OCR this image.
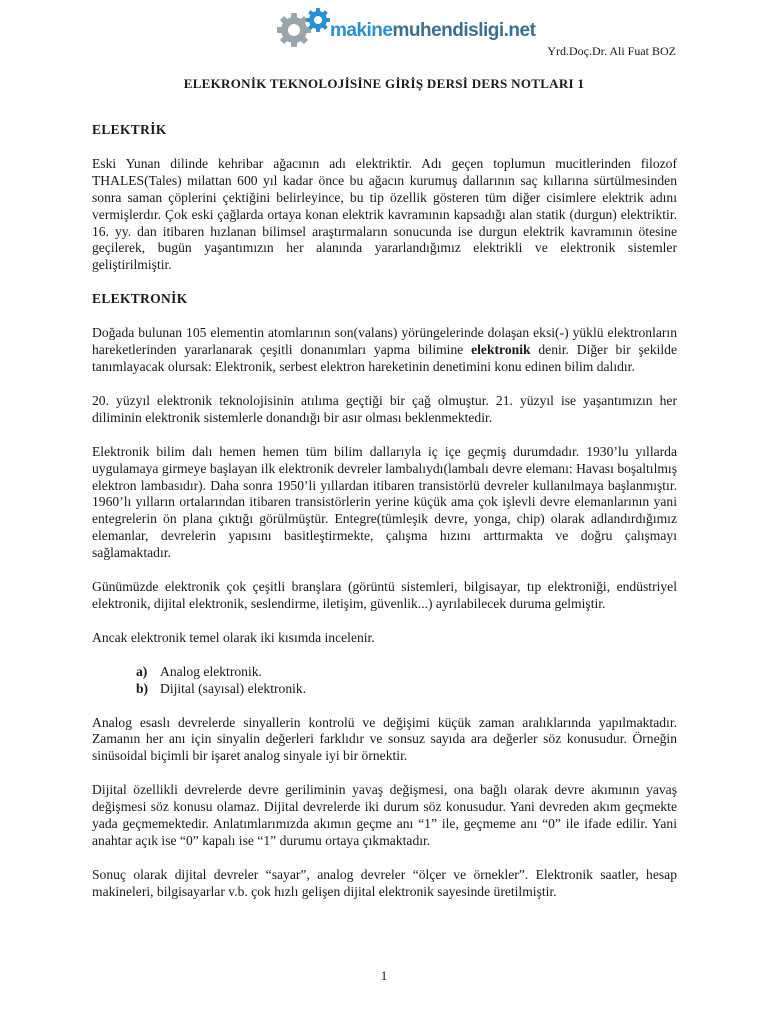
makinemuhendisligi.net
Yrd.Doç.Dr. Ali Fuat BOZ
ELEKRONİK TEKNOLOJİSİNE GİRİŞ DERSİ DERS NOTLARI 1

ELEKTRİK

Eski Yunan dilinde kehribar ağacının adı elektriktir. Adı geçen toplumun mucitlerinden filozof THALES(Tales) milattan 600 yıl kadar önce bu ağacın kurumuş dallarının saç kıllarına sürtülmesinden sonra saman çöplerini çektiğini belirleyince, bu tip özellik gösteren tüm diğer cisimlere elektrik adını vermişlerdır. Çok eski çağlarda ortaya konan elektrik kavramının kapsadığı alan statik (durgun) elektriktir. 16. yy. dan itibaren hızlanan bilimsel araştırmaların sonucunda ise durgun elektrik kavramının ötesine geçilerek, bugün yaşantımızın her alanında yararlandığımız elektrikli ve elektronik sistemler geliştirilmiştir.

ELEKTRONİK

Doğada bulunan 105 elementin atomlarının son(valans) yörüngelerinde dolaşan eksi(-) yüklü elektronların hareketlerinden yararlanarak çeşitli donanımları yapma bilimine elektronik denir. Diğer bir şekilde tanımlayacak olursak: Elektronik, serbest elektron hareketinin denetimini konu edinen bilim dalıdır.

20. yüzyıl elektronik teknolojisinin atılıma geçtiği bir çağ olmuştur. 21. yüzyıl ise yaşantımızın her diliminin elektronik sistemlerle donandığı bir asır olması beklenmektedir.

Elektronik bilim dalı hemen hemen tüm bilim dallarıyla iç içe geçmiş durumdadır. 1930’lu yıllarda uygulamaya girmeye başlayan ilk elektronik devreler lambalıydı(lambalı devre elemanı: Havası boşaltılmış elektron lambasıdır). Daha sonra 1950’li yıllardan itibaren transistörlü devreler kullanılmaya başlanmıştır. 1960’lı yılların ortalarından itibaren transistörlerin yerine küçük ama çok işlevli devre elemanlarının yani entegrelerin ön plana çıktığı görülmüştür. Entegre(tümleşik devre, yonga, chip) olarak adlandırdığımız elemanlar, devrelerin yapısını basitleştirmekte, çalışma hızını arttırmakta ve doğru çalışmayı sağlamaktadır.

Günümüzde elektronik çok çeşitli branşlara (görüntü sistemleri, bilgisayar, tıp elektroniği, endüstriyel elektronik, dijital elektronik, seslendirme, iletişim, güvenlik...) ayrılabilecek duruma gelmiştir.

Ancak elektronik temel olarak iki kısımda incelenir.

a) Analog elektronik.
b) Dijital (sayısal) elektronik.

Analog esaslı devrelerde sinyallerin kontrolü ve değişimi küçük zaman aralıklarında yapılmaktadır. Zamanın her anı için sinyalin değerleri farklıdır ve sonsuz sayıda ara değerler söz konusudur. Örneğin sinüsoidal biçimli bir işaret analog sinyale iyi bir örnektir.

Dijital özellikli devrelerde devre geriliminin yavaş değişmesi, ona bağlı olarak devre akımının yavaş değişmesi söz konusu olamaz. Dijital devrelerde iki durum söz konusudur. Yani devreden akım geçmekte yada geçmemektedir. Anlatımlarımızda akımın geçme anı “1” ile, geçmeme anı “0” ile ifade edilir. Yani anahtar açık ise “0” kapalı ise “1” durumu ortaya çıkmaktadır.

Sonuç olarak dijital devreler “sayar”, analog devreler “ölçer ve örnekler”. Elektronik saatler, hesap makineleri, bilgisayarlar v.b. çok hızlı gelişen dijital elektronik sayesinde üretilmiştir.

1
